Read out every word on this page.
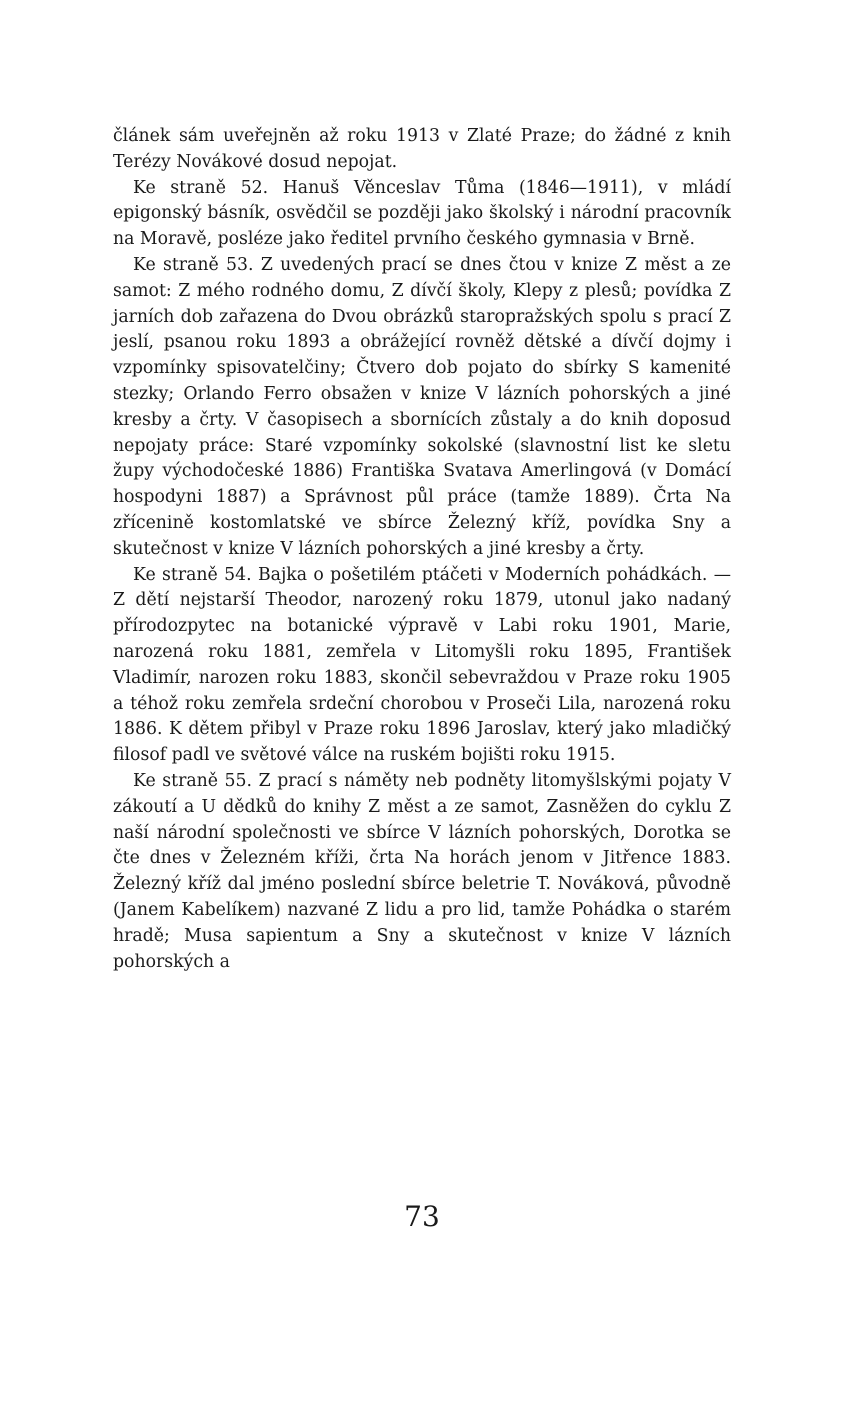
článek sám uveřejněn až roku 1913 v Zlaté Praze; do žádné z knih Terézy Novákové dosud nepojat.

Ke straně 52. Hanuš Věnceslav Tůma (1846—1911), v mládí epigonský básník, osvědčil se později jako školský i národní pracovník na Moravě, posléze jako ředitel prvního českého gymnasia v Brně.

Ke straně 53. Z uvedených prací se dnes čtou v knize Z měst a ze samot: Z mého rodného domu, Z dívčí školy, Klepy z plesů; povídka Z jarních dob zařazena do Dvou obrázků staropražských spolu s prací Z jeslí, psanou roku 1893 a obrážející rovněž dětské a dívčí dojmy i vzpomínky spisovatelčiny; Čtvero dob pojato do sbírky S kamenité stezky; Orlando Ferro obsažen v knize V lázních pohorských a jiné kresby a črty. V časopisech a sbornících zůstaly a do knih doposud nepojaty práce: Staré vzpomínky sokolské (slavnostní list ke sletu župy východočeské 1886) Františka Svatava Amerlingová (v Domácí hospodyni 1887) a Správnost půl práce (tamže 1889). Črta Na zřícenině kostomlatské ve sbírce Železný kříž, povídka Sny a skutečnost v knize V lázních pohorských a jiné kresby a črty.

Ke straně 54. Bajka o pošetilém ptáčeti v Moderních pohádkách. — Z dětí nejstarší Theodor, narozený roku 1879, utonul jako nadaný přírodozpytec na botanické výpravě v Labi roku 1901, Marie, narozená roku 1881, zemřela v Litomyšli roku 1895, František Vladimír, narozen roku 1883, skončil sebevraždou v Praze roku 1905 a téhož roku zemřela srdeční chorobou v Proseči Lila, narozená roku 1886. K dětem přibyl v Praze roku 1896 Jaroslav, který jako mladičký filosof padl ve světové válce na ruském bojišti roku 1915.

Ke straně 55. Z prací s náměty neb podněty litomyšlskými pojaty V zákoutí a U dědků do knihy Z měst a ze samot, Zasněžen do cyklu Z naší národní společnosti ve sbírce V lázních pohorských, Dorotka se čte dnes v Železném kříži, črta Na horách jenom v Jitřence 1883. Železný kříž dal jméno poslední sbírce beletrie T. Nováková, původně (Janem Kabelíkem) nazvané Z lidu a pro lid, tamže Pohádka o starém hradě; Musa sapientum a Sny a skutečnost v knize V lázních pohorských a

73
